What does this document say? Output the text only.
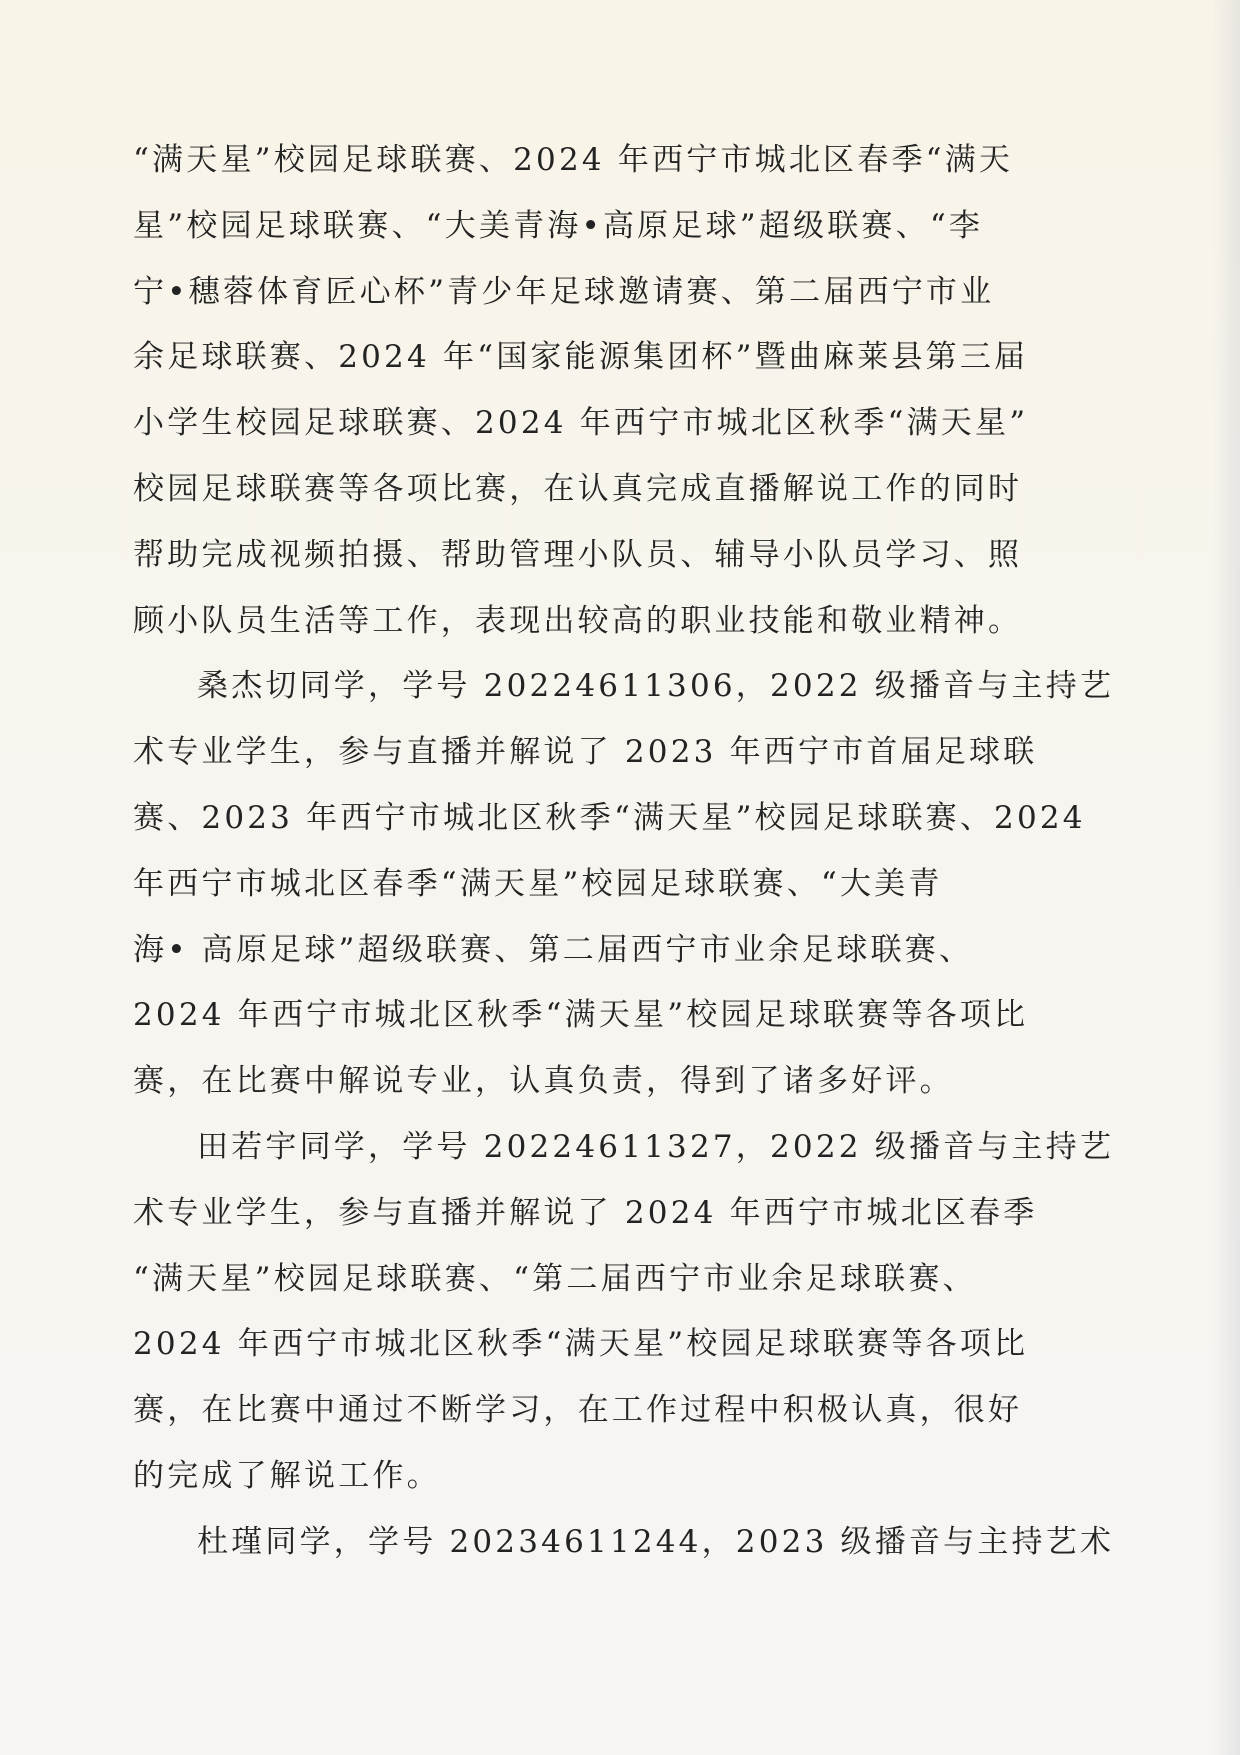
“满天星”校园足球联赛、2024 年西宁市城北区春季“满天
星”校园足球联赛、“大美青海•高原足球”超级联赛、“李
宁•穗蓉体育匠心杯”青少年足球邀请赛、第二届西宁市业
余足球联赛、2024 年“国家能源集团杯”暨曲麻莱县第三届
小学生校园足球联赛、2024 年西宁市城北区秋季“满天星”
校园足球联赛等各项比赛，在认真完成直播解说工作的同时
帮助完成视频拍摄、帮助管理小队员、辅导小队员学习、照
顾小队员生活等工作，表现出较高的职业技能和敬业精神。
桑杰切同学，学号 20224611306，2022 级播音与主持艺
术专业学生，参与直播并解说了 2023 年西宁市首届足球联
赛、2023 年西宁市城北区秋季“满天星”校园足球联赛、2024
年西宁市城北区春季“满天星”校园足球联赛、“大美青
海• 高原足球”超级联赛、第二届西宁市业余足球联赛、
2024 年西宁市城北区秋季“满天星”校园足球联赛等各项比
赛，在比赛中解说专业，认真负责，得到了诸多好评。
田若宇同学，学号 20224611327，2022 级播音与主持艺
术专业学生，参与直播并解说了 2024 年西宁市城北区春季
“满天星”校园足球联赛、“第二届西宁市业余足球联赛、
2024 年西宁市城北区秋季“满天星”校园足球联赛等各项比
赛，在比赛中通过不断学习，在工作过程中积极认真，很好
的完成了解说工作。
杜瑾同学，学号 20234611244，2023 级播音与主持艺术
